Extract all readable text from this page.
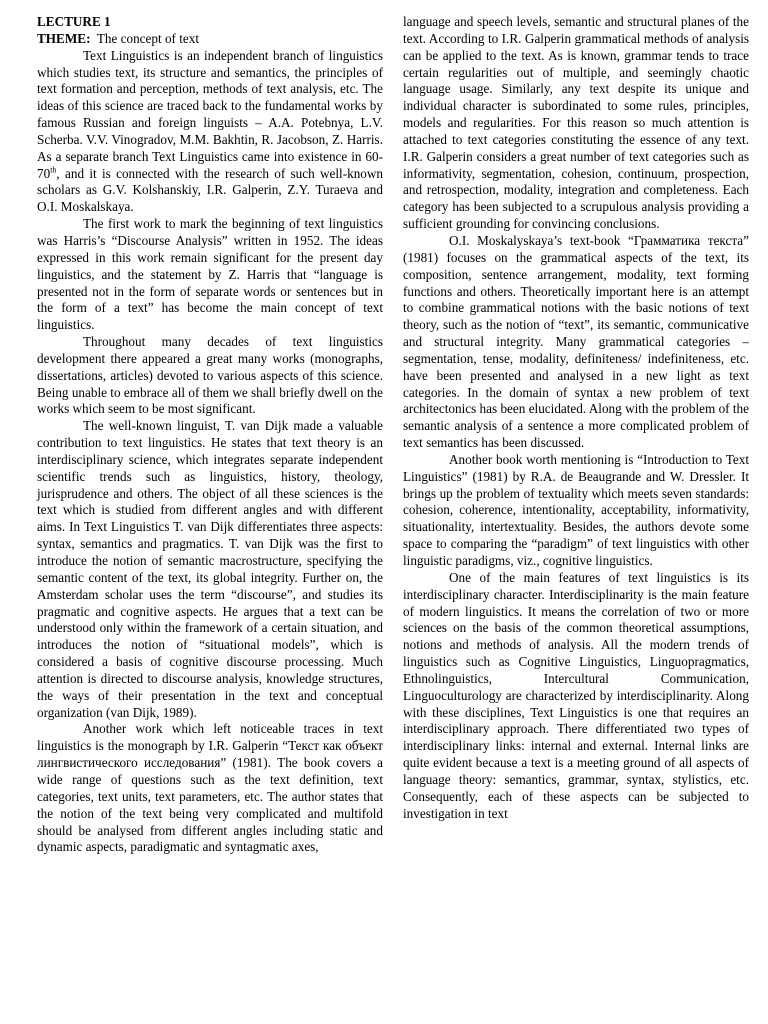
LECTURE 1

THEME: The concept of text

Text Linguistics is an independent branch of linguistics which studies text, its structure and semantics, the principles of text formation and perception, methods of text analysis, etc. The ideas of this science are traced back to the fundamental works by famous Russian and foreign linguists – A.A. Potebnya, L.V. Scherba. V.V. Vinogradov, M.M. Bakhtin, R. Jacobson, Z. Harris. As a separate branch Text Linguistics came into existence in 60-70th, and it is connected with the research of such well-known scholars as G.V. Kolshanskiy, I.R. Galperin, Z.Y. Turaeva and O.I. Moskalskaya.

The first work to mark the beginning of text linguistics was Harris’s “Discourse Analysis” written in 1952. The ideas expressed in this work remain significant for the present day linguistics, and the statement by Z. Harris that “language is presented not in the form of separate words or sentences but in the form of a text” has become the main concept of text linguistics.

Throughout many decades of text linguistics development there appeared a great many works (monographs, dissertations, articles) devoted to various aspects of this science. Being unable to embrace all of them we shall briefly dwell on the works which seem to be most significant.

The well-known linguist, T. van Dijk made a valuable contribution to text linguistics. He states that text theory is an interdisciplinary science, which integrates separate independent scientific trends such as linguistics, history, theology, jurisprudence and others. The object of all these sciences is the text which is studied from different angles and with different aims. In Text Linguistics T. van Dijk differentiates three aspects: syntax, semantics and pragmatics. T. van Dijk was the first to introduce the notion of semantic macrostructure, specifying the semantic content of the text, its global integrity. Further on, the Amsterdam scholar uses the term “discourse”, and studies its pragmatic and cognitive aspects. He argues that a text can be understood only within the framework of a certain situation, and introduces the notion of “situational models”, which is considered a basis of cognitive discourse processing. Much attention is directed to discourse analysis, knowledge structures, the ways of their presentation in the text and conceptual organization (van Dijk, 1989).

Another work which left noticeable traces in text linguistics is the monograph by I.R. Galperin “Текст как объект лингвистического исследования” (1981). The book covers a wide range of questions such as the text definition, text categories, text units, text parameters, etc. The author states that the notion of the text being very complicated and multifold should be analysed from different angles including static and dynamic aspects, paradigmatic and syntagmatic axes,

language and speech levels, semantic and structural planes of the text. According to I.R. Galperin grammatical methods of analysis can be applied to the text. As is known, grammar tends to trace certain regularities out of multiple, and seemingly chaotic language usage. Similarly, any text despite its unique and individual character is subordinated to some rules, principles, models and regularities. For this reason so much attention is attached to text categories constituting the essence of any text. I.R. Galperin considers a great number of text categories such as informativity, segmentation, cohesion, continuum, prospection, and retrospection, modality, integration and completeness. Each category has been subjected to a scrupulous analysis providing a sufficient grounding for convincing conclusions.

O.I. Moskalyskaya’s text-book “Грамматика текста” (1981) focuses on the grammatical aspects of the text, its composition, sentence arrangement, modality, text forming functions and others. Theoretically important here is an attempt to combine grammatical notions with the basic notions of text theory, such as the notion of “text”, its semantic, communicative and structural integrity. Many grammatical categories – segmentation, tense, modality, definiteness/ indefiniteness, etc. have been presented and analysed in a new light as text categories. In the domain of syntax a new problem of text architectonics has been elucidated. Along with the problem of the semantic analysis of a sentence a more complicated problem of text semantics has been discussed.

Another book worth mentioning is “Introduction to Text Linguistics” (1981) by R.A. de Beaugrande and W. Dressler. It brings up the problem of textuality which meets seven standards: cohesion, coherence, intentionality, acceptability, informativity, situationality, intertextuality. Besides, the authors devote some space to comparing the “paradigm” of text linguistics with other linguistic paradigms, viz., cognitive linguistics.

One of the main features of text linguistics is its interdisciplinary character. Interdisciplinarity is the main feature of modern linguistics. It means the correlation of two or more sciences on the basis of the common theoretical assumptions, notions and methods of analysis. All the modern trends of linguistics such as Cognitive Linguistics, Linguopragmatics, Ethnolinguistics, Intercultural Communication, Linguoculturology are characterized by interdisciplinarity. Along with these disciplines, Text Linguistics is one that requires an interdisciplinary approach. There differentiated two types of interdisciplinary links: internal and external. Internal links are quite evident because a text is a meeting ground of all aspects of language theory: semantics, grammar, syntax, stylistics, etc. Consequently, each of these aspects can be subjected to investigation in text
